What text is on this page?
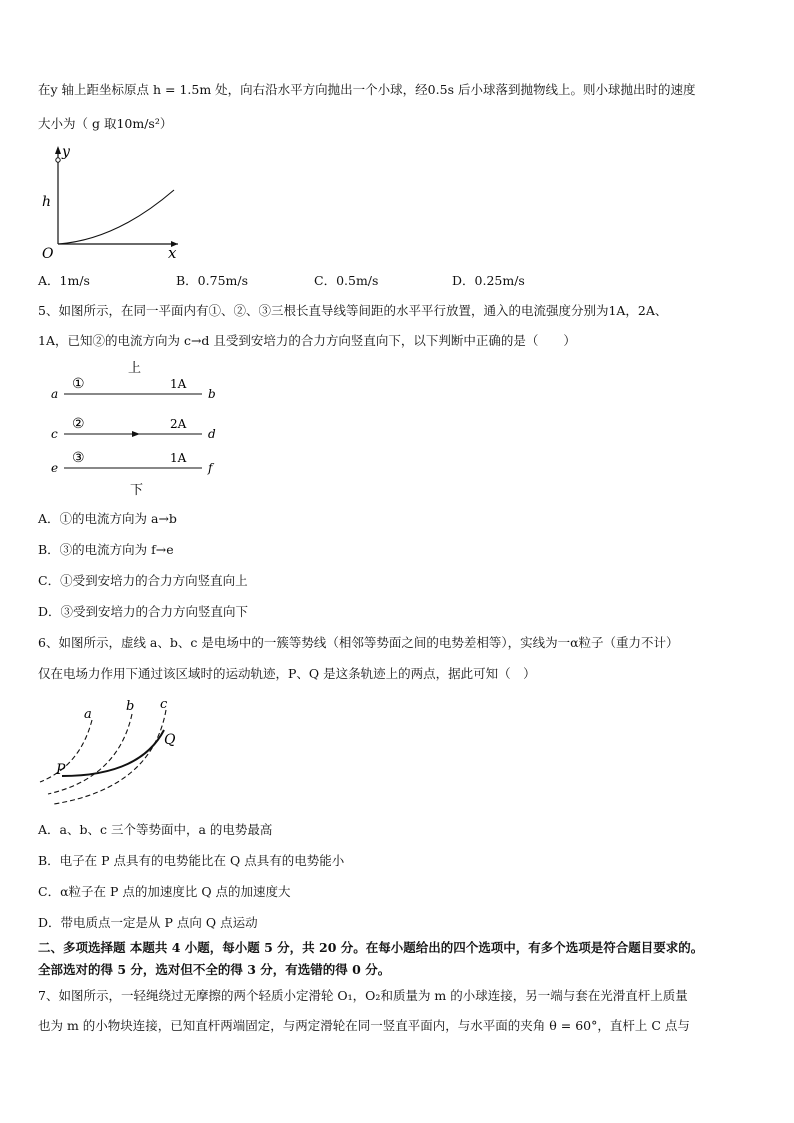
在y 轴上距坐标原点 h = 1.5m 处，向右沿水平方向抛出一个小球，经0.5s 后小球落到抛物线上。则小球抛出时的速度
大小为（ g 取10m/s²）
y
h
O	x
A．1m/s	B．0.75m/s	C．0.5m/s	D．0.25m/s
5、如图所示，在同一平面内有①、②、③三根长直导线等间距的水平平行放置，通入的电流强度分别为1A，2A、
1A，已知②的电流方向为 c→d 且受到安培力的合力方向竖直向下，以下判断中正确的是（　　）
上
a
①	1A
b
c
②	2A
d
e
③	1A
f
下
A．①的电流方向为 a→b
B．③的电流方向为 f→e
C．①受到安培力的合力方向竖直向上
D．③受到安培力的合力方向竖直向下
6、如图所示，虚线 a、b、c 是电场中的一簇等势线（相邻等势面之间的电势差相等），实线为一α粒子（重力不计）
仅在电场力作用下通过该区域时的运动轨迹，P、Q 是这条轨迹上的两点，据此可知（　）
a
b c
P
Q
A．a、b、c 三个等势面中，a 的电势最高
B．电子在 P 点具有的电势能比在 Q 点具有的电势能小
C．α粒子在 P 点的加速度比 Q 点的加速度大
D．带电质点一定是从 P 点向 Q 点运动
二、多项选择题 本题共 4 小题，每小题 5 分，共 20 分。在每小题给出的四个选项中，有多个选项是符合题目要求的。
全部选对的得 5 分，选对但不全的得 3 分，有选错的得 0 分。
7、如图所示，一轻绳绕过无摩擦的两个轻质小定滑轮 O₁，O₂和质量为 m 的小球连接，另一端与套在光滑直杆上质量
也为 m 的小物块连接，已知直杆两端固定，与两定滑轮在同一竖直平面内，与水平面的夹角 θ = 60°，直杆上 C 点与
